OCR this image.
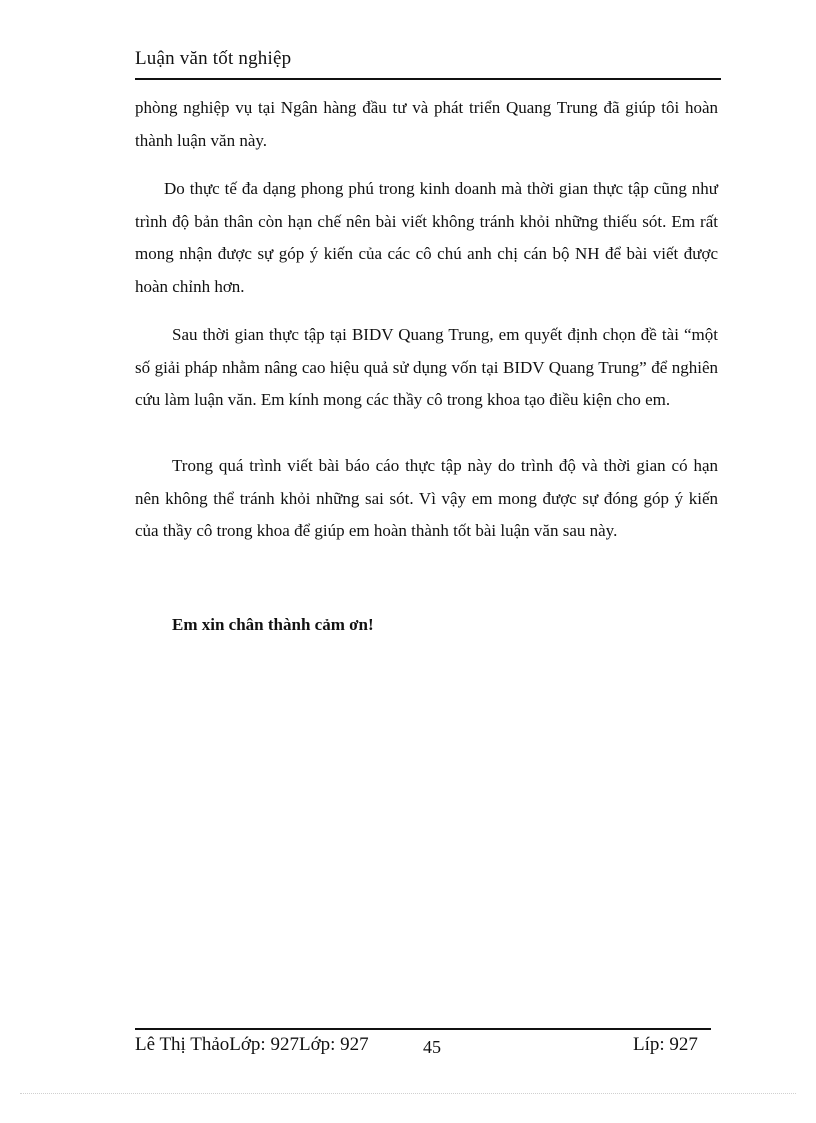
Luận văn tốt nghiệp

phòng nghiệp vụ tại Ngân hàng đầu tư và phát triển Quang Trung đã giúp tôi hoàn thành luận văn này.

Do thực tế đa dạng phong phú trong kinh doanh mà thời gian thực tập cũng như trình độ bản thân còn hạn chế nên bài viết không tránh khỏi những thiếu sót. Em rất mong nhận được sự góp ý kiến của các cô chú anh chị cán bộ NH để bài viết được hoàn chỉnh hơn.

Sau thời gian thực tập tại BIDV Quang Trung, em quyết định chọn đề tài “một số giải pháp nhằm nâng cao hiệu quả sử dụng vốn tại BIDV Quang Trung” để nghiên cứu làm luận văn. Em kính mong các thầy cô trong khoa tạo điều kiện cho em.

Trong quá trình viết bài báo cáo thực tập này do trình độ và thời gian có hạn nên không thể tránh khỏi những sai sót. Vì vậy em mong được sự đóng góp ý kiến của thầy cô trong khoa để giúp em hoàn thành tốt bài luận văn sau này.

Em xin chân thành cảm ơn!
Lê Thị ThảoLớp: 927Lớp: 927	45	Líp: 927
